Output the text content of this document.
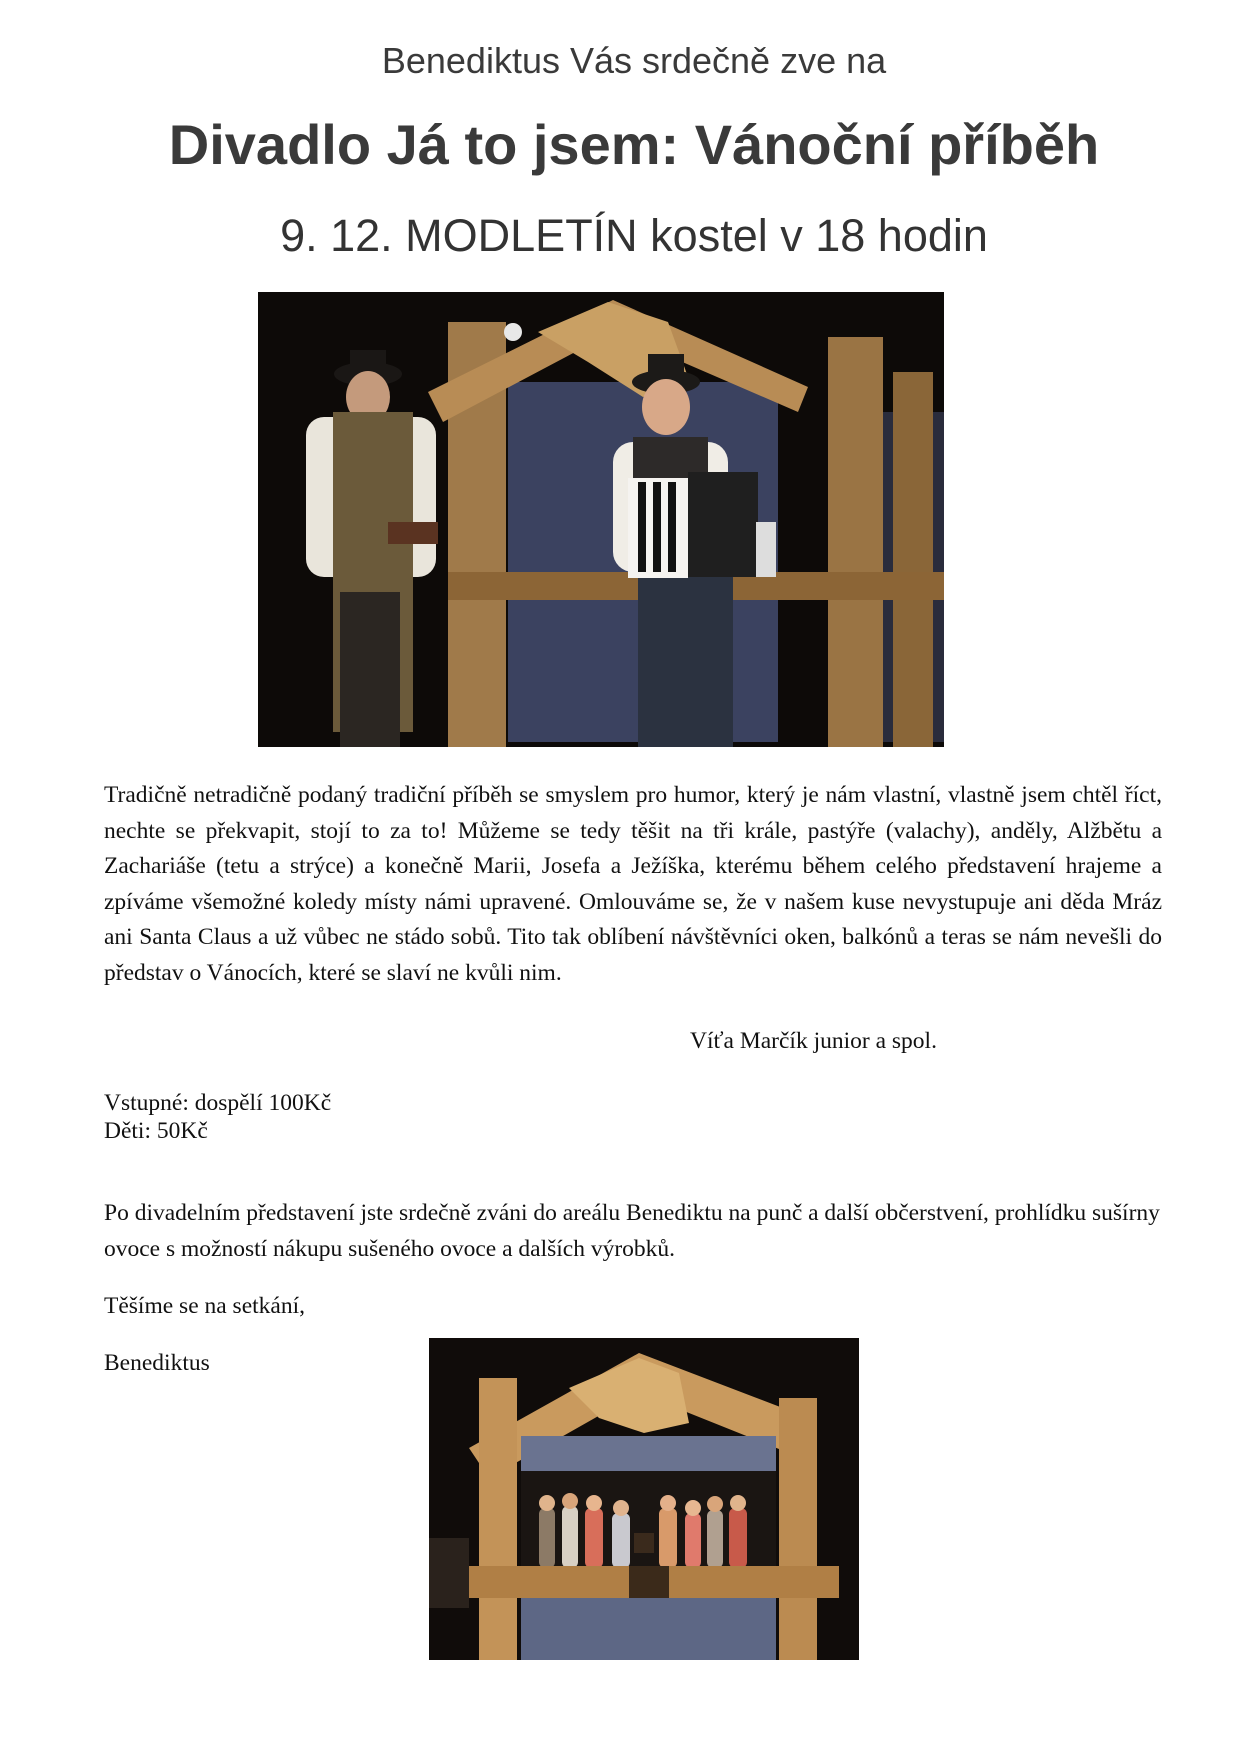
Benediktus Vás srdečně zve na
Divadlo Já to jsem: Vánoční příběh
9. 12. MODLETÍN kostel v 18 hodin
Tradičně netradičně podaný tradiční příběh se smyslem pro humor, který je nám vlastní, vlastně jsem chtěl říct, nechte se překvapit, stojí to za to! Můžeme se tedy těšit na tři krále, pastýře (valachy), anděly, Alžbětu a Zachariáše (tetu a strýce) a konečně Marii, Josefa a Ježíška, kterému během celého představení hrajeme a zpíváme všemožné koledy místy námi upravené. Omlouváme se, že v našem kuse nevystupuje ani děda Mráz ani Santa Claus a už vůbec ne stádo sobů. Tito tak oblíbení návštěvníci oken, balkónů a teras se nám nevešli do představ o Vánocích, které se slaví ne kvůli nim.
Víťa Marčík junior a spol.
Vstupné: dospělí 100Kč
Děti: 50Kč
Po divadelním představení jste srdečně zváni do areálu Benediktu na punč a další občerstvení, prohlídku sušírny ovoce s možností nákupu sušeného ovoce a dalších výrobků.
Těšíme se na setkání,
Benediktus
